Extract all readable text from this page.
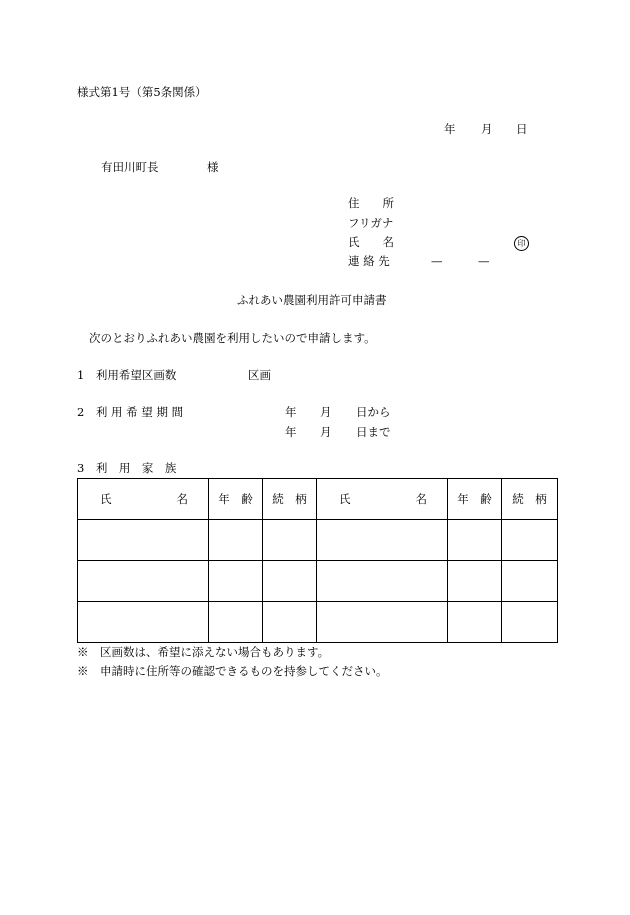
様式第1号（第5条関係）
年 月 日
有田川町長	様
住　　所
フリガナ
氏　　名	印
連 絡 先	—	—
ふれあい農園利用許可申請書
次のとおりふれあい農園を利用したいので申請します。
1　利用希望区画数	区画
2　利 用 希 望 期 間	年 月 日から
年 月 日まで
3　利　用　家　族
氏 名	年　齢	続　柄	氏 名	年　齢	続　柄

※　区画数は、希望に添えない場合もあります。
※　申請時に住所等の確認できるものを持参してください。
